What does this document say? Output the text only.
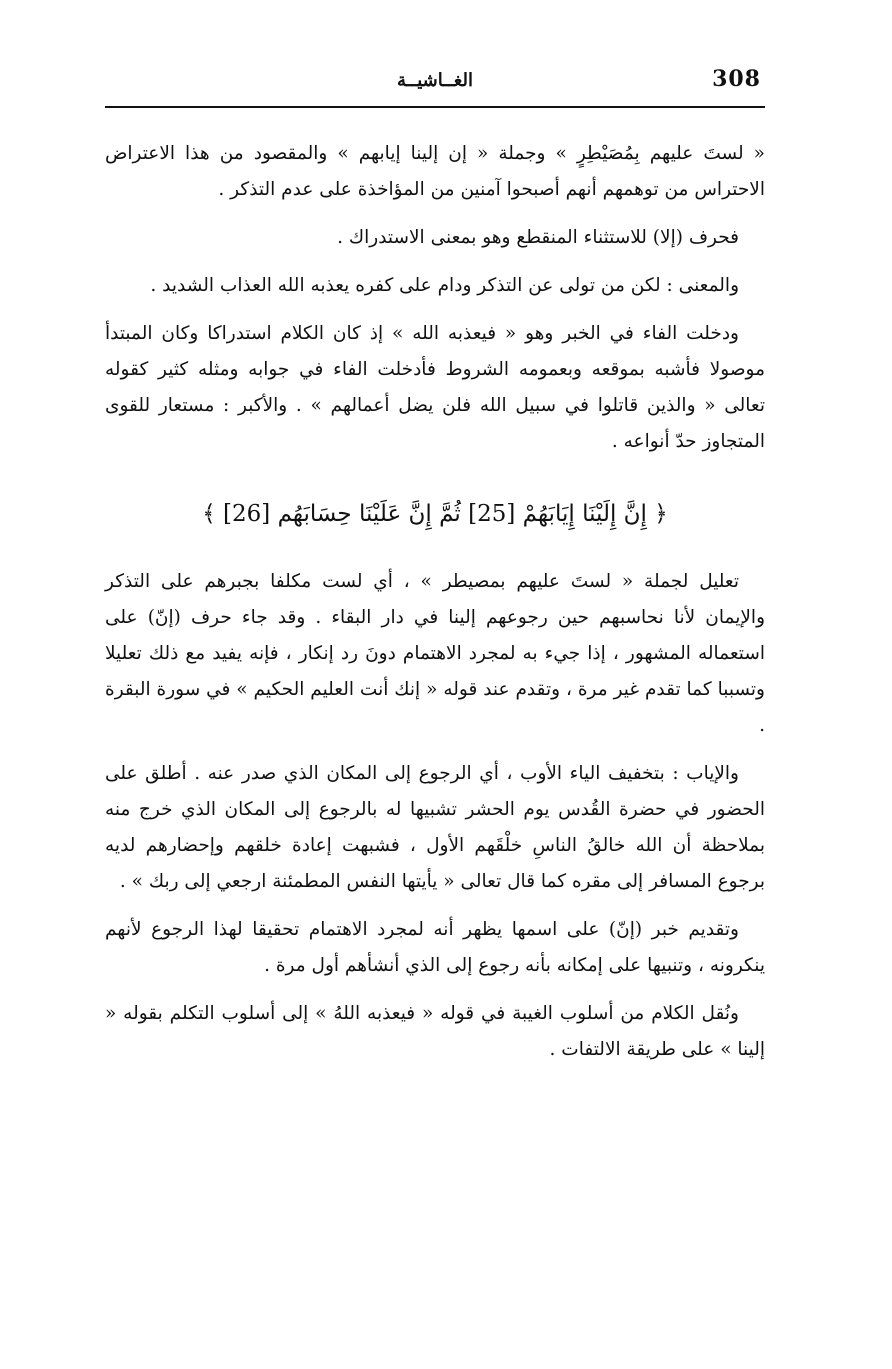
308
الغــاشيــة

« لستَ عليهم بِمُصَيْطِرٍ » وجملة « إن إلينا إيابهم » والمقصود من هذا الاعتراض الاحتراس من توهمهم أنهم أصبحوا آمنين من المؤاخذة على عدم التذكر .

فحرف (إلا) للاستثناء المنقطع وهو بمعنى الاستدراك .

والمعنى : لكن من تولى عن التذكر ودام على كفره يعذبه الله العذاب الشديد .

ودخلت الفاء في الخبر وهو « فيعذبه الله » إذ كان الكلام استدراكا وكان المبتدأ موصولا فأشبه بموقعه وبعمومه الشروط فأدخلت الفاء في جوابه ومثله كثير كقوله تعالى « والذين قاتلوا في سبيل الله فلن يضل أعمالهم » . والأكبر : مستعار للقوى المتجاوز حدّ أنواعه .

﴿ إِنَّ إِلَيْنَا إِيَابَهُمْ [25] ثُمَّ إِنَّ عَلَيْنَا حِسَابَهُم [26] ﴾

تعليل لجملة « لستَ عليهم بمصيطر » ، أي لست مكلفا بجبرهم على التذكر والإيمان لأنا نحاسبهم حين رجوعهم إلينا في دار البقاء . وقد جاء حرف (إنّ) على استعماله المشهور ، إذا جيء به لمجرد الاهتمام دونَ رد إنكار ، فإنه يفيد مع ذلك تعليلا وتسببا كما تقدم غير مرة ، وتقدم عند قوله « إنك أنت العليم الحكيم » في سورة البقرة .

والإياب : بتخفيف الياء الأوب ، أي الرجوع إلى المكان الذي صدر عنه . أطلق على الحضور في حضرة القُدس يوم الحشر تشبيها له بالرجوع إلى المكان الذي خرج منه بملاحظة أن الله خالقُ الناسِ خلْقَهم الأول ، فشبهت إعادة خلقهم وإحضارهم لديه برجوع المسافر إلى مقره كما قال تعالى « يأيتها النفس المطمئنة ارجعي إلى ربك » .

وتقديم خبر (إنّ) على اسمها يظهر أنه لمجرد الاهتمام تحقيقا لهذا الرجوع لأنهم ينكرونه ، وتنبيها على إمكانه بأنه رجوع إلى الذي أنشأهم أول مرة .

ونُقل الكلام من أسلوب الغيبة في قوله « فيعذبه اللهُ » إلى أسلوب التكلم بقوله « إلينا » على طريقة الالتفات .
